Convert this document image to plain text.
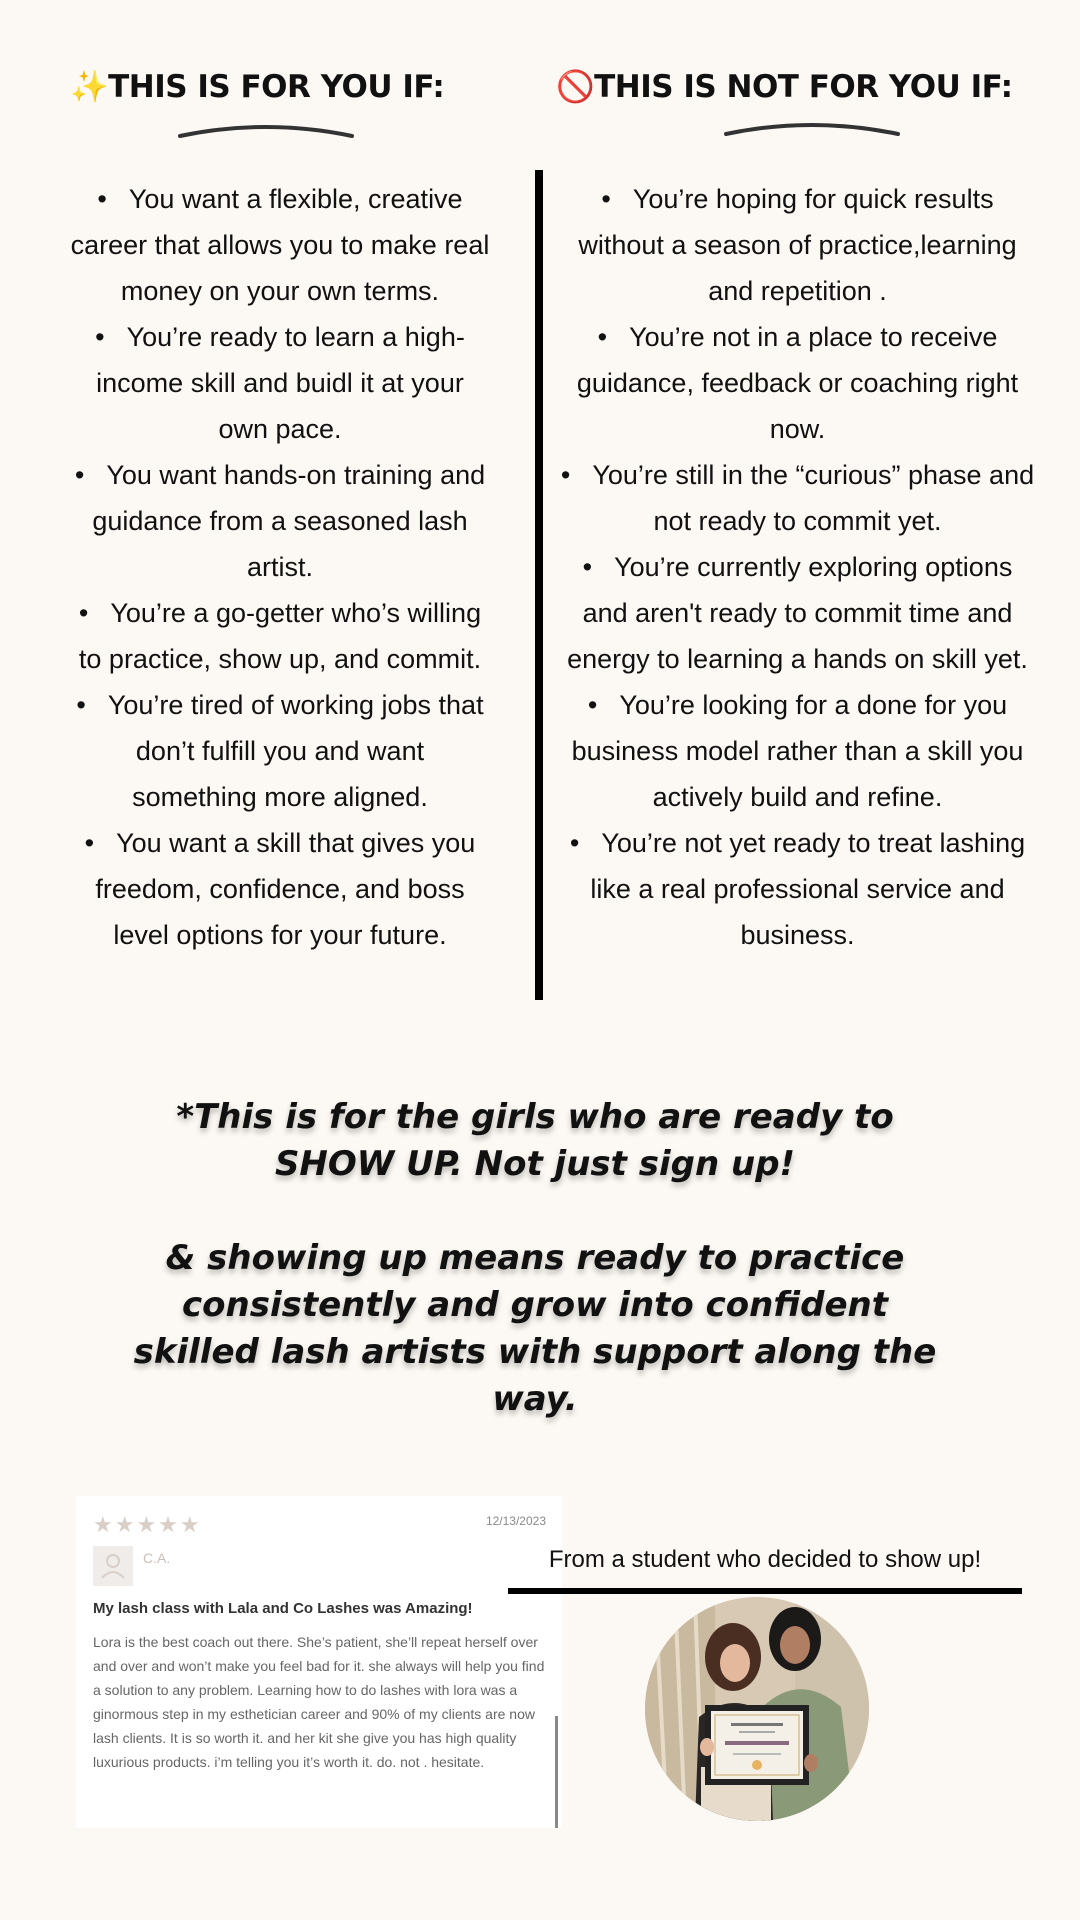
✨THIS IS FOR YOU IF:	🚫THIS IS NOT FOR YOU IF:
• You want a flexible, creative career that allows you to make real money on your own terms.
• You’re ready to learn a high-income skill and buidl it at your own pace.
• You want hands-on training and guidance from a seasoned lash artist.
• You’re a go-getter who’s willing to practice, show up, and commit.
• You’re tired of working jobs that don’t fulfill you and want something more aligned.
• You want a skill that gives you freedom, confidence, and boss level options for your future.
• You’re hoping for quick results without a season of practice,learning and repetition .
• You’re not in a place to receive guidance, feedback or coaching right now.
• You’re still in the “curious” phase and not ready to commit yet.
• You’re currently exploring options and aren't ready to commit time and energy to learning a hands on skill yet.
• You’re looking for a done for you business model rather than a skill you actively build and refine.
• You’re not yet ready to treat lashing like a real professional service and business.
*This is for the girls who are ready to SHOW UP. Not just sign up!
& showing up means ready to practice consistently and grow into confident skilled lash artists with support along the way.
★★★★★	12/13/2023
C.A.
My lash class with Lala and Co Lashes was Amazing!
Lora is the best coach out there. She’s patient, she’ll repeat herself over and over and won’t make you feel bad for it. she always will help you find a solution to any problem. Learning how to do lashes with lora was a ginormous step in my esthetician career and 90% of my clients are now lash clients. It is so worth it. and her kit she give you has high quality luxurious products. i’m telling you it’s worth it. do. not . hesitate.
From a student who decided to show up!
